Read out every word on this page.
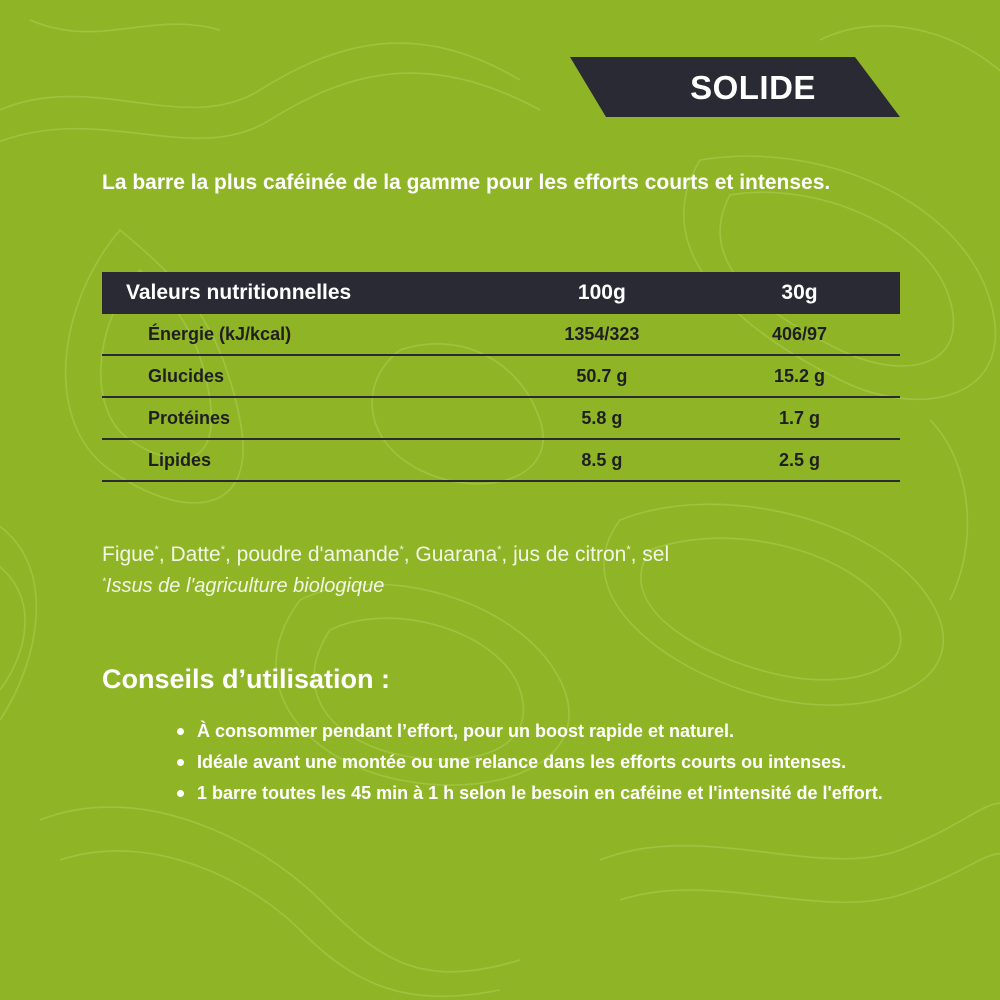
SOLIDE
La barre la plus caféinée de la gamme pour les efforts courts et intenses.
Valeurs nutritionnelles	100g	30g
Énergie (kJ/kcal)	1354/323	406/97
Glucides	50.7 g	15.2 g
Protéines	5.8 g	1.7 g
Lipides	8.5 g	2.5 g
Figue*, Datte*, poudre d'amande*, Guarana*, jus de citron*, sel
*Issus de l'agriculture biologique
Conseils d’utilisation :
À consommer pendant l’effort, pour un boost rapide et naturel.
Idéale avant une montée ou une relance dans les efforts courts ou intenses.
1 barre toutes les 45 min à 1 h selon le besoin en caféine et l'intensité de l'effort.
